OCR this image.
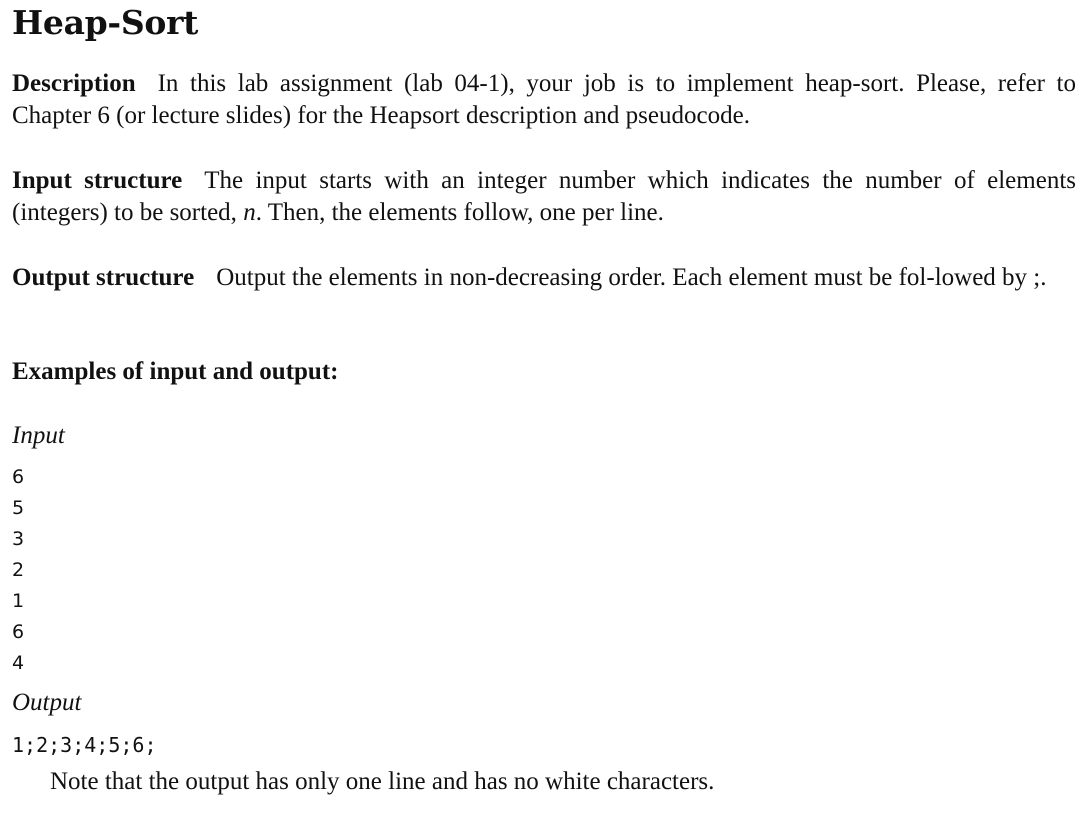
Heap-Sort

Description In this lab assignment (lab 04-1), your job is to implement heap-sort. Please, refer to Chapter 6 (or lecture slides) for the Heapsort description and pseudocode.

Input structure The input starts with an integer number which indicates the number of elements (integers) to be sorted, n. Then, the elements follow, one per line.

Output structure Output the elements in non-decreasing order. Each element must be fol-lowed by ;.

Examples of input and output:

Input

6
5
3
2
1
6
4

Output

1;2;3;4;5;6;

Note that the output has only one line and has no white characters.
